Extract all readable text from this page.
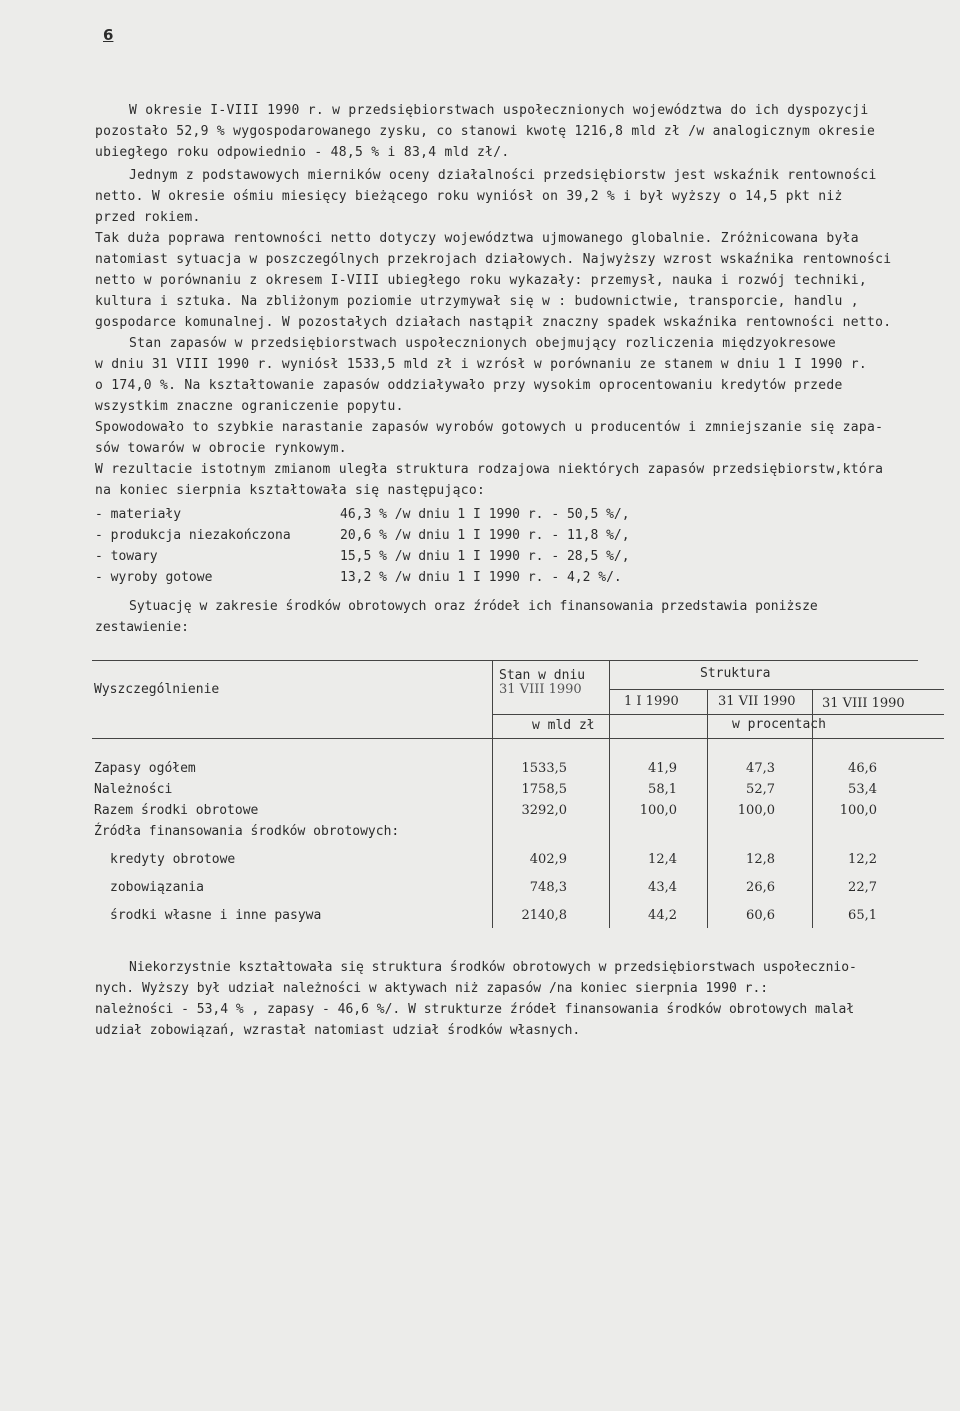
6

W okresie I-VIII 1990 r. w przedsiębiorstwach uspołecznionych województwa do ich dyspozycji

pozostało 52,9 % wygospodarowanego zysku, co stanowi kwotę 1216,8 mld zł /w analogicznym okresie

ubiegłego roku odpowiednio - 48,5 % i 83,4 mld zł/.

Jednym z podstawowych mierników oceny działalności przedsiębiorstw jest wskaźnik rentowności

netto. W okresie ośmiu miesięcy bieżącego roku wyniósł on 39,2 % i był wyższy o 14,5 pkt niż

przed rokiem.

Tak duża poprawa rentowności netto dotyczy województwa ujmowanego globalnie. Zróżnicowana była

natomiast sytuacja w poszczególnych przekrojach działowych. Najwyższy wzrost wskaźnika rentowności

netto w porównaniu z okresem I-VIII ubiegłego roku wykazały: przemysł, nauka i rozwój techniki,

kultura i sztuka. Na zbliżonym poziomie utrzymywał się w : budownictwie, transporcie, handlu ,

gospodarce komunalnej. W pozostałych działach nastąpił znaczny spadek wskaźnika rentowności netto.

Stan zapasów w przedsiębiorstwach uspołecznionych obejmujący rozliczenia międzyokresowe

w dniu 31 VIII 1990 r. wyniósł 1533,5 mld zł i wzrósł w porównaniu ze stanem w dniu 1 I 1990 r.

o 174,0 %. Na kształtowanie zapasów oddziaływało przy wysokim oprocentowaniu kredytów przede

wszystkim znaczne ograniczenie popytu.

Spowodowało to szybkie narastanie zapasów wyrobów gotowych u producentów i zmniejszanie się zapa-

sów towarów w obrocie rynkowym.

W rezultacie istotnym zmianom uległa struktura rodzajowa niektórych zapasów przedsiębiorstw,która

na koniec sierpnia kształtowała się następująco:

- materiały	46,3 % /w dniu 1 I 1990 r. - 50,5 %/,
- produkcja niezakończona	20,6 % /w dniu 1 I 1990 r. - 11,8 %/,
- towary	15,5 % /w dniu 1 I 1990 r. - 28,5 %/,
- wyroby gotowe	13,2 % /w dniu 1 I 1990 r. - 4,2 %/.

Sytuację w zakresie środków obrotowych oraz źródeł ich finansowania przedstawia poniższe

zestawienie:

Wyszczególnienie
Stan w dniu
31 VIII 1990
Struktura
1 I 1990	31 VII 1990 31 VIII 1990
w mld zł	w procentach
Zapasy ogółem	1533,5	41,9	47,3	46,6
Należności	1758,5	58,1	52,7	53,4
Razem środki obrotowe	3292,0	100,0	100,0	100,0
Źródła finansowania środków obrotowych:
kredyty obrotowe	402,9	12,4	12,8	12,2
zobowiązania	748,3	43,4	26,6	22,7
środki własne i inne pasywa	2140,8	44,2	60,6	65,1

Niekorzystnie kształtowała się struktura środków obrotowych w przedsiębiorstwach uspołecznio-

nych. Wyższy był udział należności w aktywach niż zapasów /na koniec sierpnia 1990 r.:

należności - 53,4 % , zapasy - 46,6 %/. W strukturze źródeł finansowania środków obrotowych malał

udział zobowiązań, wzrastał natomiast udział środków własnych.
